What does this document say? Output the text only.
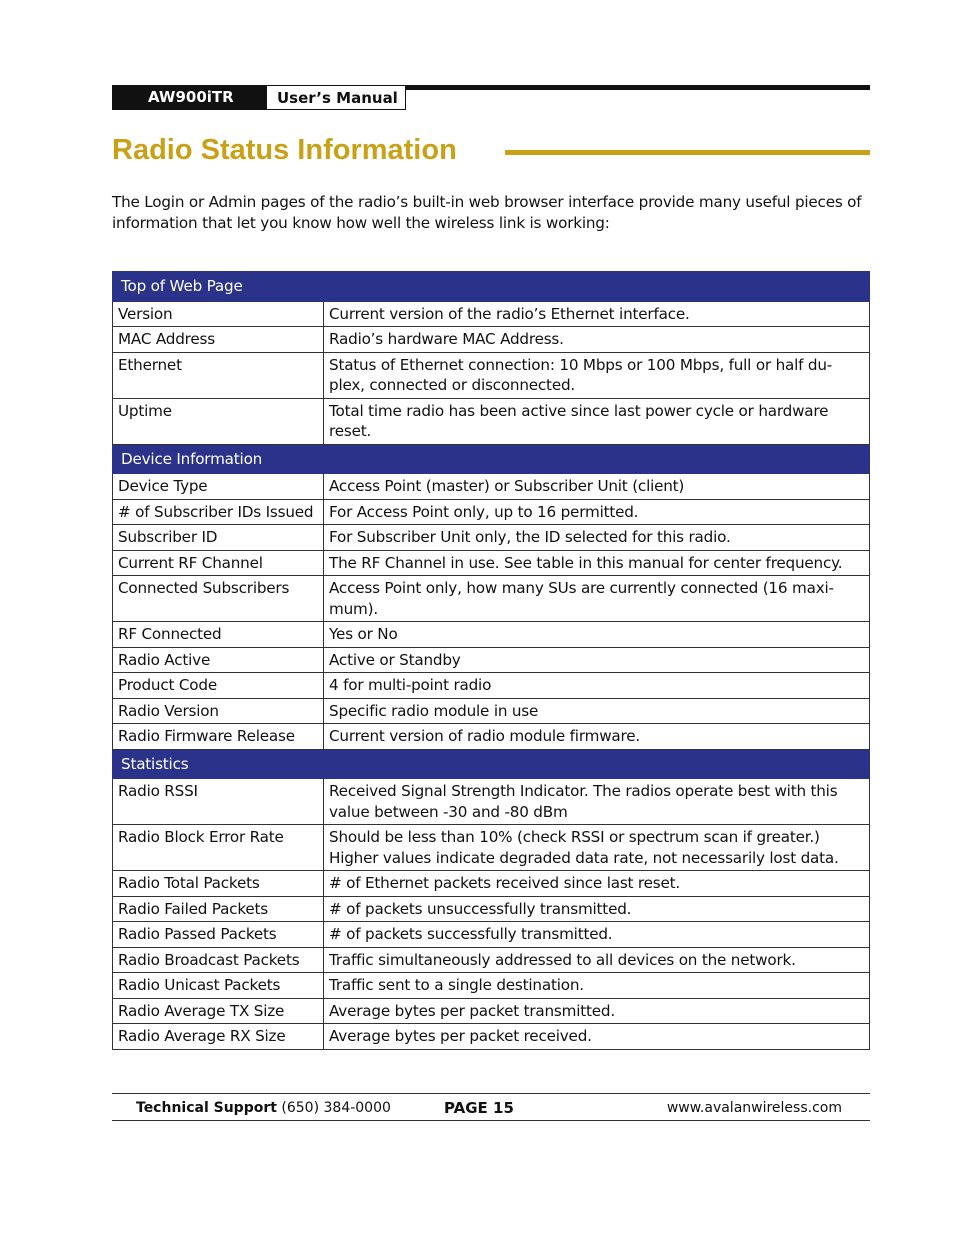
AW900iTR	User’s Manual
Radio Status Information
The Login or Admin pages of the radio’s built-in web browser interface provide many useful pieces of information that let you know how well the wireless link is working:
Top of Web Page	
Version	Current version of the radio’s Ethernet interface.
MAC Address	Radio’s hardware MAC Address.
Ethernet	Status of Ethernet connection: 10 Mbps or 100 Mbps, full or half du-plex, connected or disconnected.
Uptime	Total time radio has been active since last power cycle or hardware reset.
Device Information	
Device Type	Access Point (master) or Subscriber Unit (client)
# of Subscriber IDs Issued	For Access Point only, up to 16 permitted.
Subscriber ID	For Subscriber Unit only, the ID selected for this radio.
Current RF Channel	The RF Channel in use. See table in this manual for center frequency.
Connected Subscribers	Access Point only, how many SUs are currently connected (16 maxi-mum).
RF Connected	Yes or No
Radio Active	Active or Standby
Product Code	4 for multi-point radio
Radio Version	Specific radio module in use
Radio Firmware Release	Current version of radio module firmware.
Statistics	
Radio RSSI	Received Signal Strength Indicator. The radios operate best with this value between -30 and -80 dBm
Radio Block Error Rate	Should be less than 10% (check RSSI or spectrum scan if greater.) Higher values indicate degraded data rate, not necessarily lost data.
Radio Total Packets	# of Ethernet packets received since last reset.
Radio Failed Packets	# of packets unsuccessfully transmitted.
Radio Passed Packets	# of packets successfully transmitted.
Radio Broadcast Packets	Traffic simultaneously addressed to all devices on the network.
Radio Unicast Packets	Traffic sent to a single destination.
Radio Average TX Size	Average bytes per packet transmitted.
Radio Average RX Size	Average bytes per packet received.
Technical Support (650) 384-0000	PAGE 15	www.avalanwireless.com
